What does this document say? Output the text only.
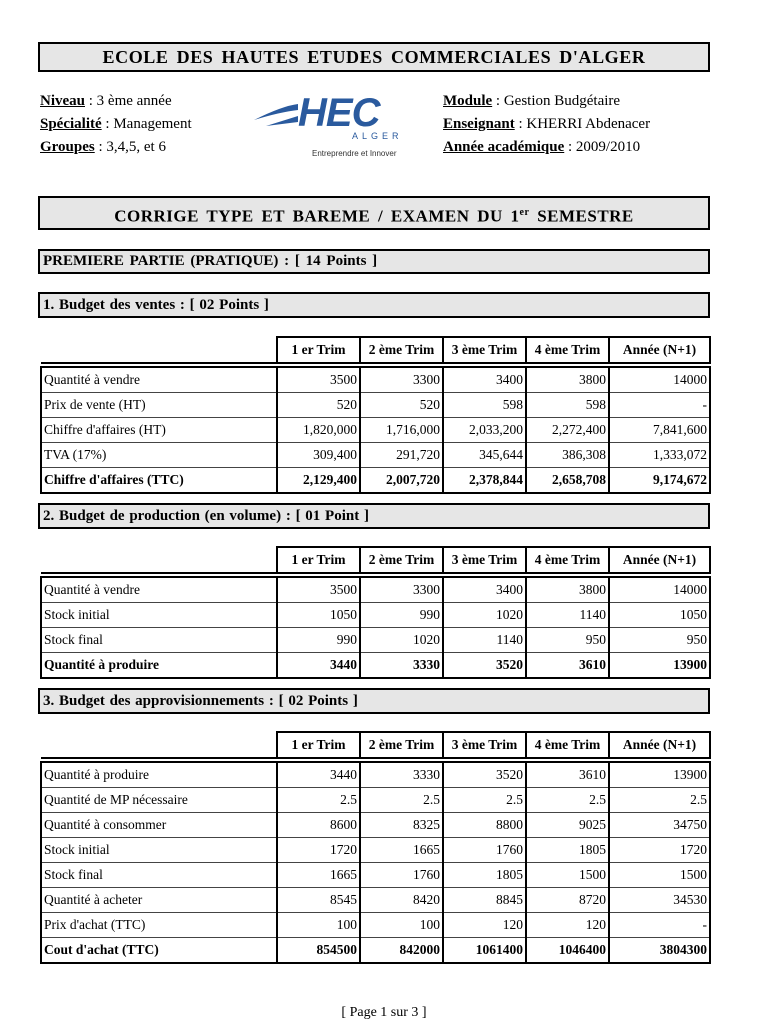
ECOLE DES HAUTES ETUDES COMMERCIALES D'ALGER
Niveau : 3 ème année
Spécialité : Management
Groupes : 3,4,5, et 6
HEC
ALGER
Entreprendre et Innover
Module : Gestion Budgétaire
Enseignant : KHERRI Abdenacer
Année académique : 2009/2010
CORRIGE TYPE ET BAREME / EXAMEN DU 1er SEMESTRE
PREMIERE PARTIE (PRATIQUE) : [ 14 Points ]
1. Budget des ventes : [ 02 Points ]
	1 er Trim	2 ème Trim	3 ème Trim	4 ème Trim	Année (N+1)

Quantité à vendre	3500	3300	3400	3800	14000
Prix de vente (HT)	520	520	598	598	-
Chiffre d'affaires (HT)	1,820,000	1,716,000	2,033,200	2,272,400	7,841,600
TVA (17%)	309,400	291,720	345,644	386,308	1,333,072
Chiffre d'affaires (TTC)	2,129,400	2,007,720	2,378,844	2,658,708	9,174,672
2. Budget de production (en volume) : [ 01 Point ]
	1 er Trim	2 ème Trim	3 ème Trim	4 ème Trim	Année (N+1)

Quantité à vendre	3500	3300	3400	3800	14000
Stock initial	1050	990	1020	1140	1050
Stock final	990	1020	1140	950	950
Quantité à produire	3440	3330	3520	3610	13900
3. Budget des approvisionnements : [ 02 Points ]
	1 er Trim	2 ème Trim	3 ème Trim	4 ème Trim	Année (N+1)

Quantité à produire	3440	3330	3520	3610	13900
Quantité de MP nécessaire	2.5	2.5	2.5	2.5	2.5
Quantité à consommer	8600	8325	8800	9025	34750
Stock initial	1720	1665	1760	1805	1720
Stock final	1665	1760	1805	1500	1500
Quantité à acheter	8545	8420	8845	8720	34530
Prix d'achat (TTC)	100	100	120	120	-
Cout d'achat (TTC)	854500	842000	1061400	1046400	3804300
[ Page 1 sur 3 ]
